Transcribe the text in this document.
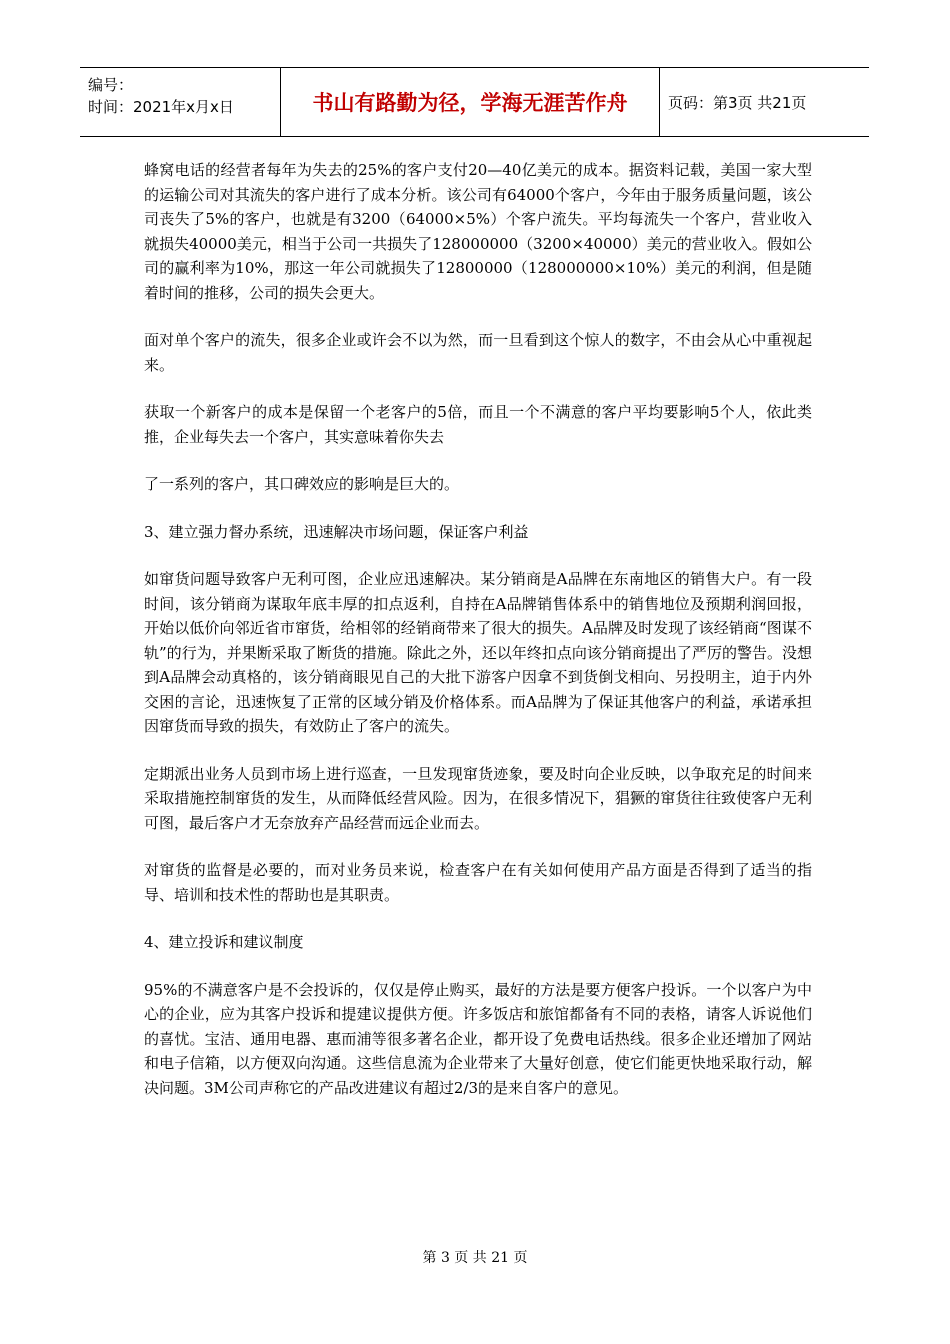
编号：
时间：2021年x月x日	书山有路勤为径，学海无涯苦作舟	页码：第3页 共21页

蜂窝电话的经营者每年为失去的25%的客户支付20—40亿美元的成本。据资料记载，美国一家大型的运输公司对其流失的客户进行了成本分析。该公司有64000个客户，今年由于服务质量问题，该公司丧失了5%的客户，也就是有3200（64000×5%）个客户流失。平均每流失一个客户，营业收入就损失40000美元，相当于公司一共损失了128000000（3200×40000）美元的营业收入。假如公司的赢利率为10%，那这一年公司就损失了12800000（128000000×10%）美元的利润，但是随着时间的推移，公司的损失会更大。

面对单个客户的流失，很多企业或许会不以为然，而一旦看到这个惊人的数字，不由会从心中重视起来。

获取一个新客户的成本是保留一个老客户的5倍，而且一个不满意的客户平均要影响5个人，依此类推，企业每失去一个客户，其实意味着你失去

了一系列的客户，其口碑效应的影响是巨大的。

3、建立强力督办系统，迅速解决市场问题，保证客户利益

如窜货问题导致客户无利可图，企业应迅速解决。某分销商是A品牌在东南地区的销售大户。有一段时间，该分销商为谋取年底丰厚的扣点返利，自持在A品牌销售体系中的销售地位及预期利润回报，开始以低价向邻近省市窜货，给相邻的经销商带来了很大的损失。A品牌及时发现了该经销商“图谋不轨”的行为，并果断采取了断货的措施。除此之外，还以年终扣点向该分销商提出了严厉的警告。没想到A品牌会动真格的，该分销商眼见自己的大批下游客户因拿不到货倒戈相向、另投明主，迫于内外交困的言论，迅速恢复了正常的区域分销及价格体系。而A品牌为了保证其他客户的利益，承诺承担因窜货而导致的损失，有效防止了客户的流失。

定期派出业务人员到市场上进行巡查，一旦发现窜货迹象，要及时向企业反映，以争取充足的时间来采取措施控制窜货的发生，从而降低经营风险。因为，在很多情况下，猖獗的窜货往往致使客户无利可图，最后客户才无奈放弃产品经营而远企业而去。

对窜货的监督是必要的，而对业务员来说，检查客户在有关如何使用产品方面是否得到了适当的指导、培训和技术性的帮助也是其职责。

4、建立投诉和建议制度

95%的不满意客户是不会投诉的，仅仅是停止购买，最好的方法是要方便客户投诉。一个以客户为中心的企业，应为其客户投诉和提建议提供方便。许多饭店和旅馆都备有不同的表格，请客人诉说他们的喜忧。宝洁、通用电器、惠而浦等很多著名企业，都开设了免费电话热线。很多企业还增加了网站和电子信箱，以方便双向沟通。这些信息流为企业带来了大量好创意，使它们能更快地采取行动，解决问题。3M公司声称它的产品改进建议有超过2/3的是来自客户的意见。

第 3 页 共 21 页
